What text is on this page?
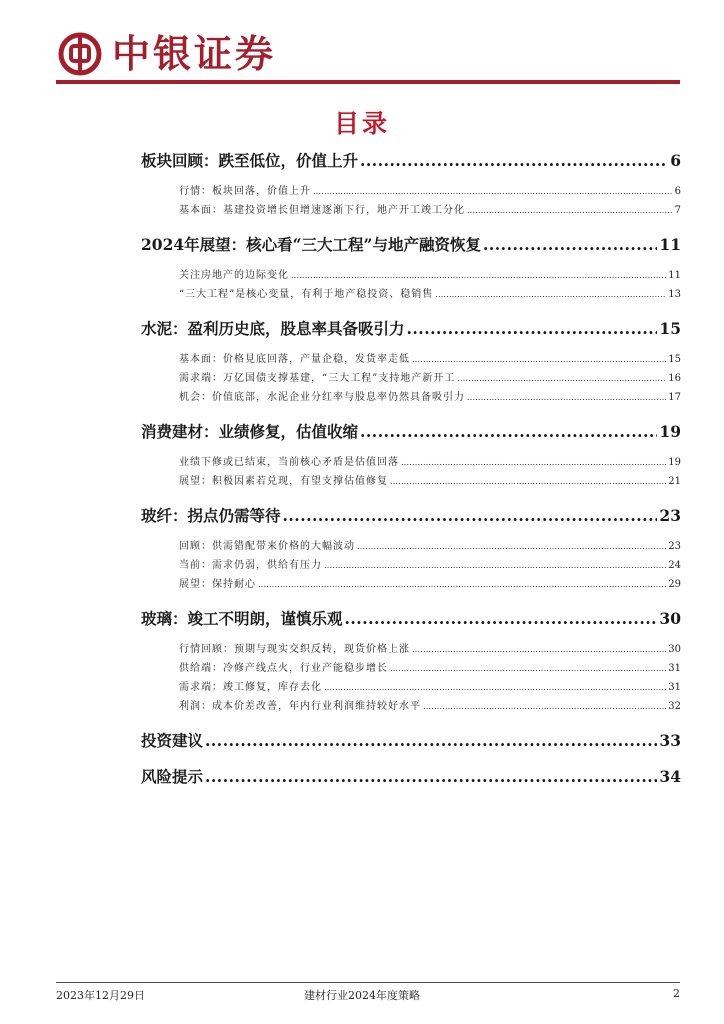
中银证券
目录
板块回顾：跌至低位，价值上升 .....	6
行情：板块回落，价值上升 .....	6
基本面：基建投资增长但增速逐渐下行，地产开工竣工分化 .....	7
2024年展望：核心看“三大工程”与地产融资恢复 .....	11
关注房地产的边际变化 .....	11
“三大工程”是核心变量，有利于地产稳投资、稳销售 .....	13
水泥：盈利历史底，股息率具备吸引力 .....	15
基本面：价格見底回落，产量企稳，发货率走低 .....	15
需求端：万亿国债支撑基建，“三大工程”支持地产新开工 .....	16
机会：价值底部，水泥企业分红率与股息率仍然具备吸引力 .....	17
消费建材：业绩修复，估值收缩 .....	19
业绩下修或已结束，当前核心矛盾是估值回落 .....	19
展望：积极因素若兑现，有望支撑估值修复 .....	21
玻纤：拐点仍需等待 .....	23
回顾：供需错配带来价格的大幅波动 .....	23
当前：需求仍弱，供给有压力 .....	24
展望：保持耐心 .....	29
玻璃：竣工不明朗，谨慎乐观 .....	30
行情回顾：预期与现实交织反转，现货价格上涨 .....	30
供给端：冷修产线点火，行业产能稳步增长 .....	31
需求端：竣工修复，库存去化 .....	31
利润：成本价差改善，年内行业利润维持较好水平 .....	32
投资建议 .....	33
风险提示 .....	34
2023年12月29日	建材行业2024年度策略	2
